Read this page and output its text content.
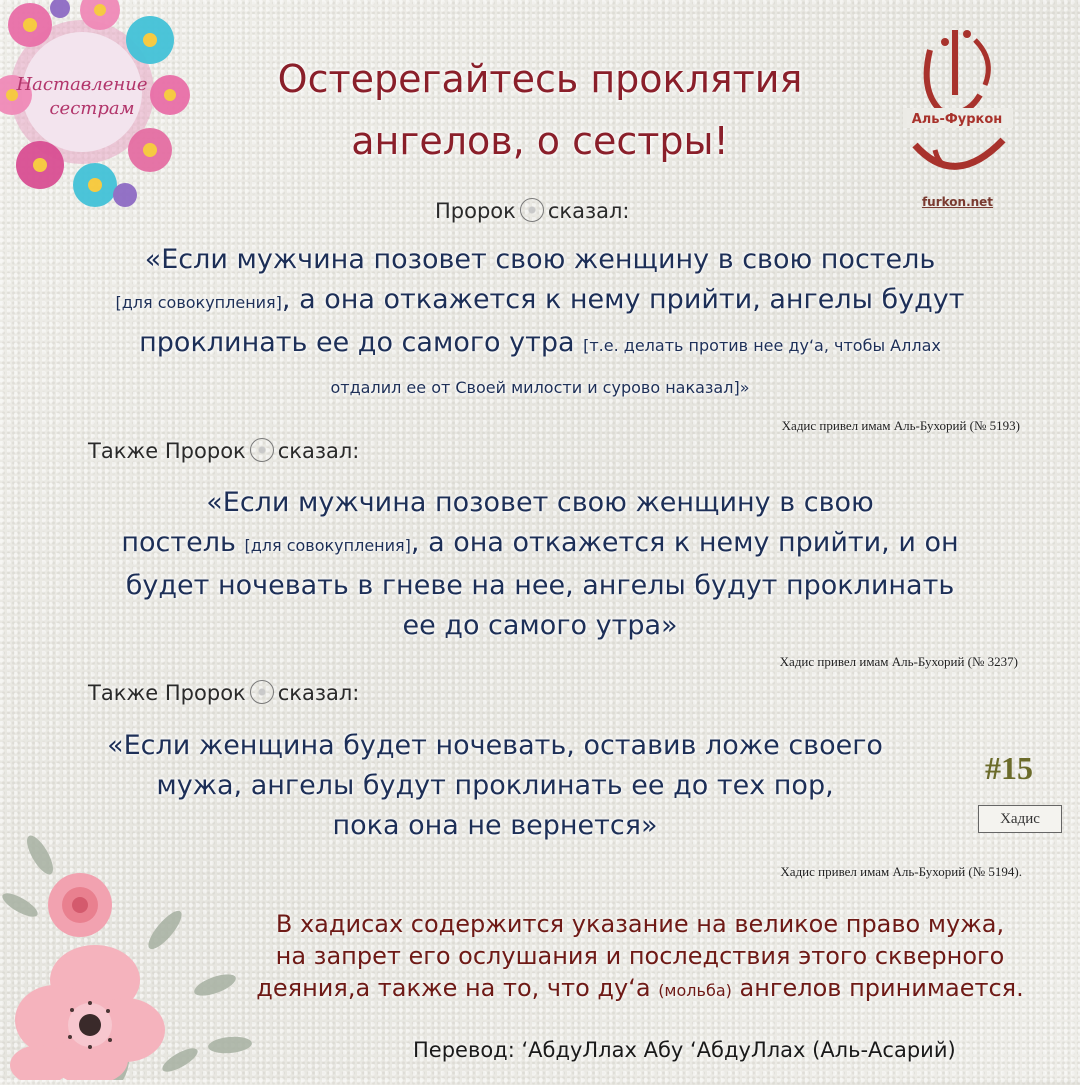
Наставление
сестрам
Остерегайтесь проклятия
ангелов, о сестры!	Аль-Фуркон
furkon.net
Пророк сказал:
«Если мужчина позовет свою женщину в свою постель
[для совокупления], а она откажется к нему прийти, ангелы будут
проклинать ее до самого утра [т.е. делать против нее ду‘а, чтобы Аллах
отдалил ее от Своей милости и сурово наказал]»
Хадис привел имам Аль-Бухорий (№ 5193)
Также Пророк сказал:
«Если мужчина позовет свою женщину в свою
постель [для совокупления], а она откажется к нему прийти, и он
будет ночевать в гневе на нее, ангелы будут проклинать
ее до самого утра»
Хадис привел имам Аль-Бухорий (№ 3237)
Также Пророк сказал:
«Если женщина будет ночевать, оставив ложе своего
мужа, ангелы будут проклинать ее до тех пор,
пока она не вернется»
#15
Хадис
Хадис привел имам Аль-Бухорий (№ 5194).
В хадисах содержится указание на великое право мужа,
на запрет его ослушания и последствия этого скверного
деяния,а также на то, что ду‘а (мольба) ангелов принимается.
Перевод: ‘АбдуЛлах Абу ‘АбдуЛлах (Аль-Асарий)
